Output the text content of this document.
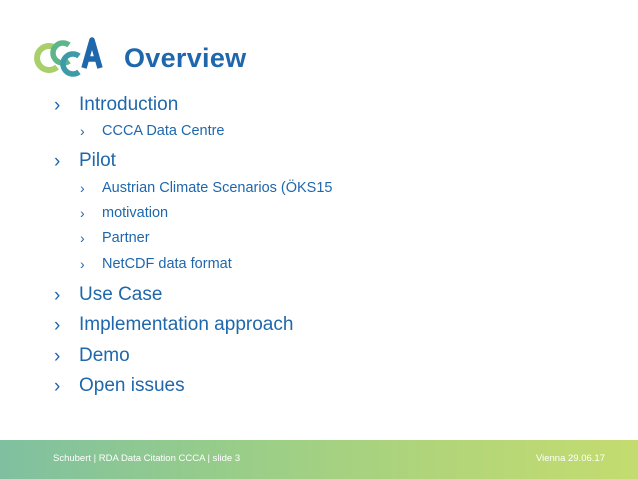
Overview
› Introduction
› CCCA Data Centre
› Pilot
› Austrian Climate Scenarios (ÖKS15
› motivation
› Partner
› NetCDF data format
› Use Case
› Implementation approach
› Demo
› Open issues
Schubert | RDA Data Citation CCCA | slide 3	Vienna 29.06.17
